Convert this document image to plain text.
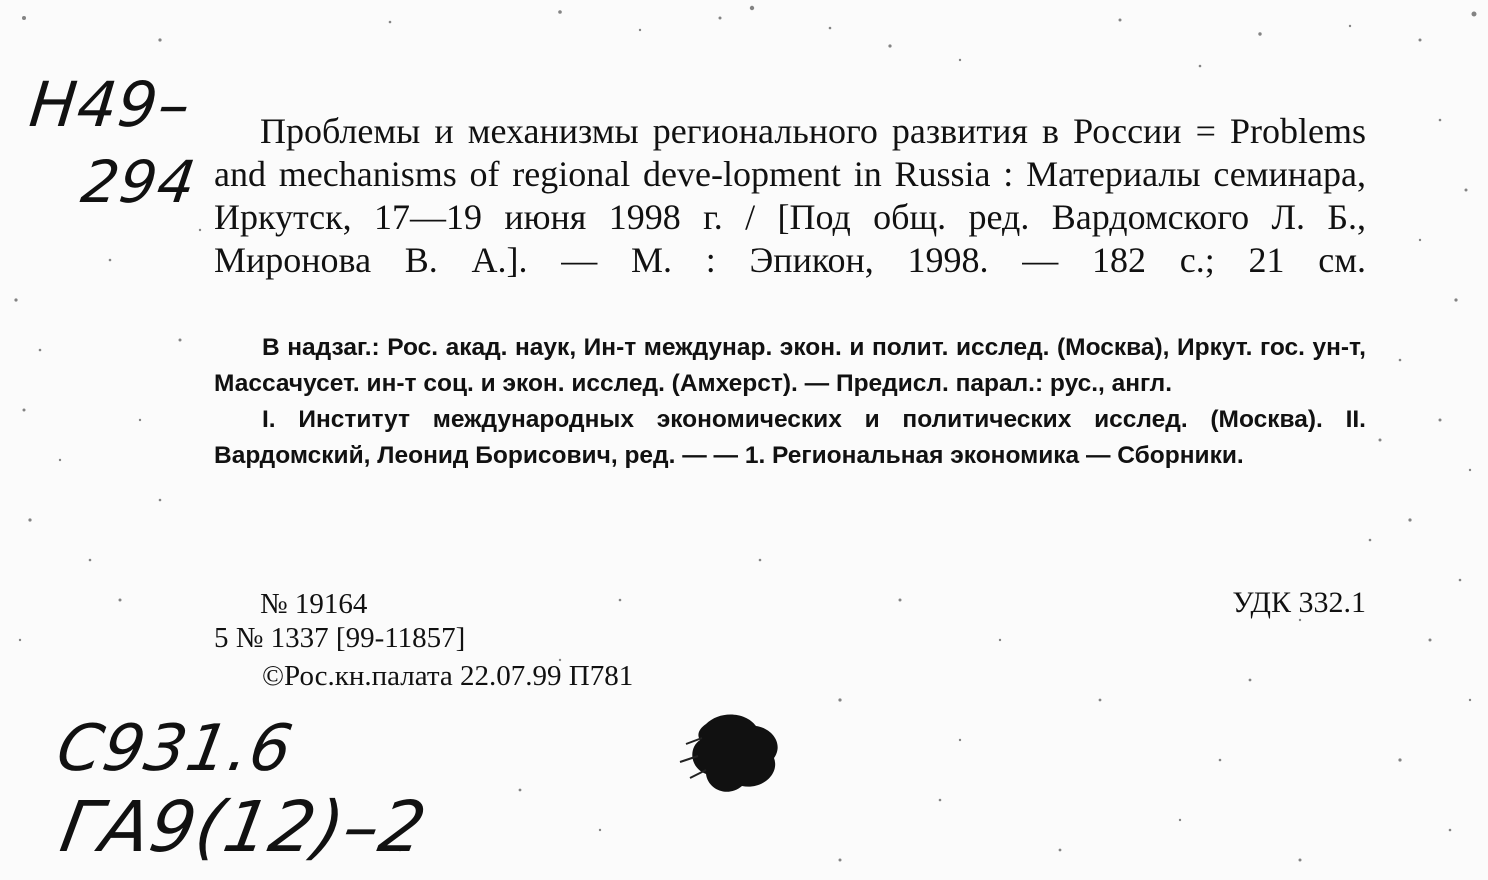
Н49–
294

Проблемы и механизмы регионального развития в России = Problems and mechanisms of regional deve-lopment in Russia : Материалы семинара, Иркутск, 17—19 июня 1998 г. / [Под общ. ред. Вардомского Л. Б., Миронова В. А.]. — М. : Эпикон, 1998. — 182 с.; 21 см.

В надзаг.: Рос. акад. наук, Ин-т междунар. экон. и полит. исслед. (Москва), Иркут. гос. ун-т, Массачусет. ин-т соц. и экон. исслед. (Амхерст). — Предисл. парал.: рус., англ.

I. Институт международных экономических и политических исслед. (Москва). II. Вардомский, Леонид Борисович, ред. — — 1. Региональная экономика — Сборники.

№ 19164	УДК 332.1
5 № 1337 [99-11857]
©Рос.кн.палата 22.07.99 П781
С931.6
ГА9(12)–2
